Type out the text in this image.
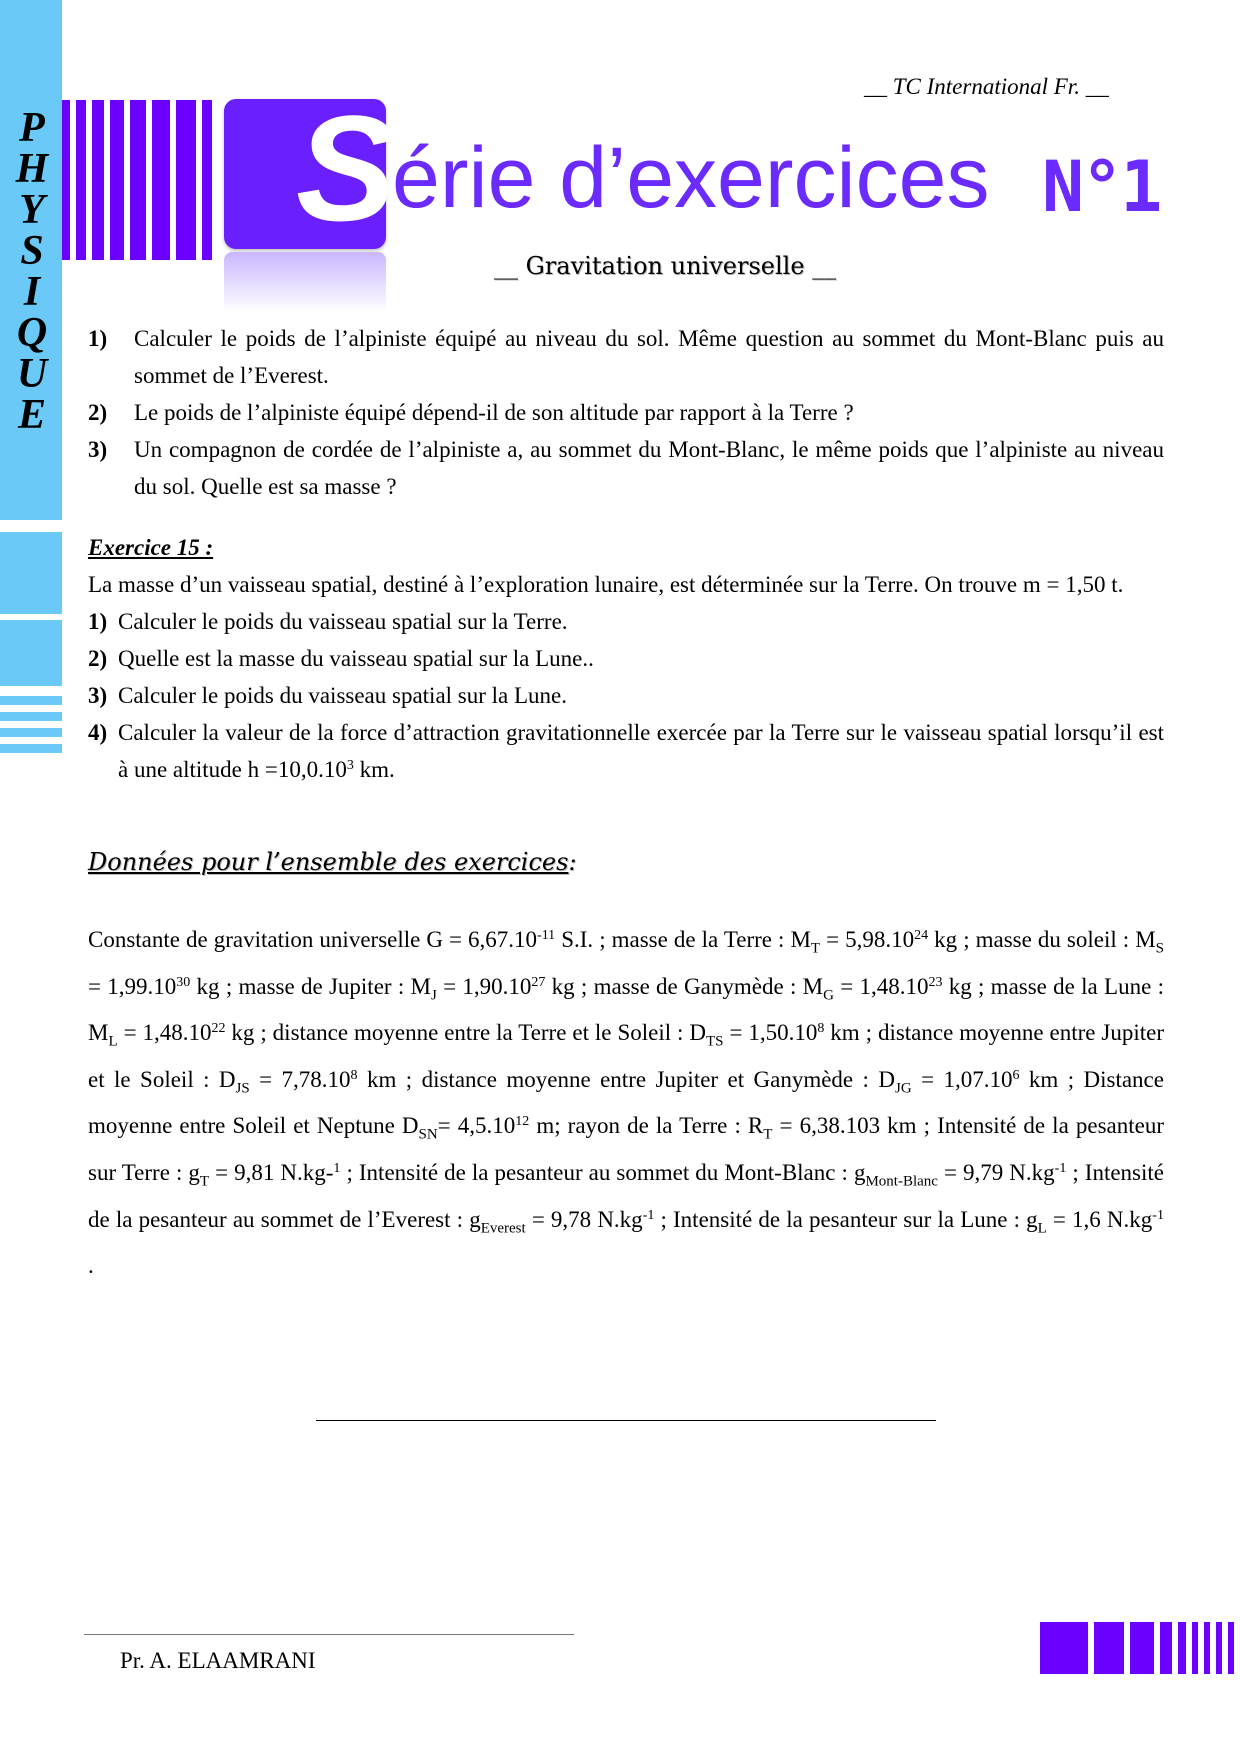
P
H
Y
S
I
Q
U
E
__ TC International Fr. __
S
érie d’exercices N°1
__ Gravitation universelle __
1) Calculer le poids de l’alpiniste équipé au niveau du sol. Même question au sommet du Mont-Blanc puis au sommet de l’Everest.
2) Le poids de l’alpiniste équipé dépend-il de son altitude par rapport à la Terre ?
3) Un compagnon de cordée de l’alpiniste a, au sommet du Mont-Blanc, le même poids que l’alpiniste au niveau du sol. Quelle est sa masse ?

Exercice 15 :

La masse d’un vaisseau spatial, destiné à l’exploration lunaire, est déterminée sur la Terre. On trouve m = 1,50 t.

1) Calculer le poids du vaisseau spatial sur la Terre.
2) Quelle est la masse du vaisseau spatial sur la Lune..
3) Calculer le poids du vaisseau spatial sur la Lune.
4) Calculer la valeur de la force d’attraction gravitationnelle exercée par la Terre sur le vaisseau spatial lorsqu’il est à une altitude $h =10,0.10^3$ km.

Données pour l’ensemble des exercices:

Constante de gravitation universelle $G = 6,67.10^{-11}$ S.I. ; masse de la Terre : $M_T = 5,98.10^{24}$ kg ; masse du soleil : $M_S = 1,99.10^{30}$ kg ; masse de Jupiter : $M_J = 1,90.10^{27}$ kg ; masse de Ganymède : $M_G = 1,48.10^{23}$ kg ; masse de la Lune : $M_L = 1,48.10^{22}$ kg ; distance moyenne entre la Terre et le Soleil : $D_{TS} = 1,50.10^8$ km ; distance moyenne entre Jupiter et le Soleil : $D_{JS} = 7,78.10^8$ km ; distance moyenne entre Jupiter et Ganymède : $D_{JG} = 1,07.10^6$ km ; Distance moyenne entre Soleil et Neptune $D_{SN}= 4,5.10^{12}$ m; rayon de la Terre : $R_T = 6,38.103$ km ; Intensité de la pesanteur sur Terre : $g_T = 9,81$ N.kg-$^1$ ; Intensité de la pesanteur au sommet du Mont-Blanc : $g_{Mont-Blanc} = 9,79$ $N.kg^{-1}$ ; Intensité de la pesanteur au sommet de l’Everest : $g_{Everest} = 9,78$ $N.kg^{-1}$ ; Intensité de la pesanteur sur la Lune : $g_L = 1,6$ $N.kg^{-1}$ .

Pr. A. ELAAMRANI
